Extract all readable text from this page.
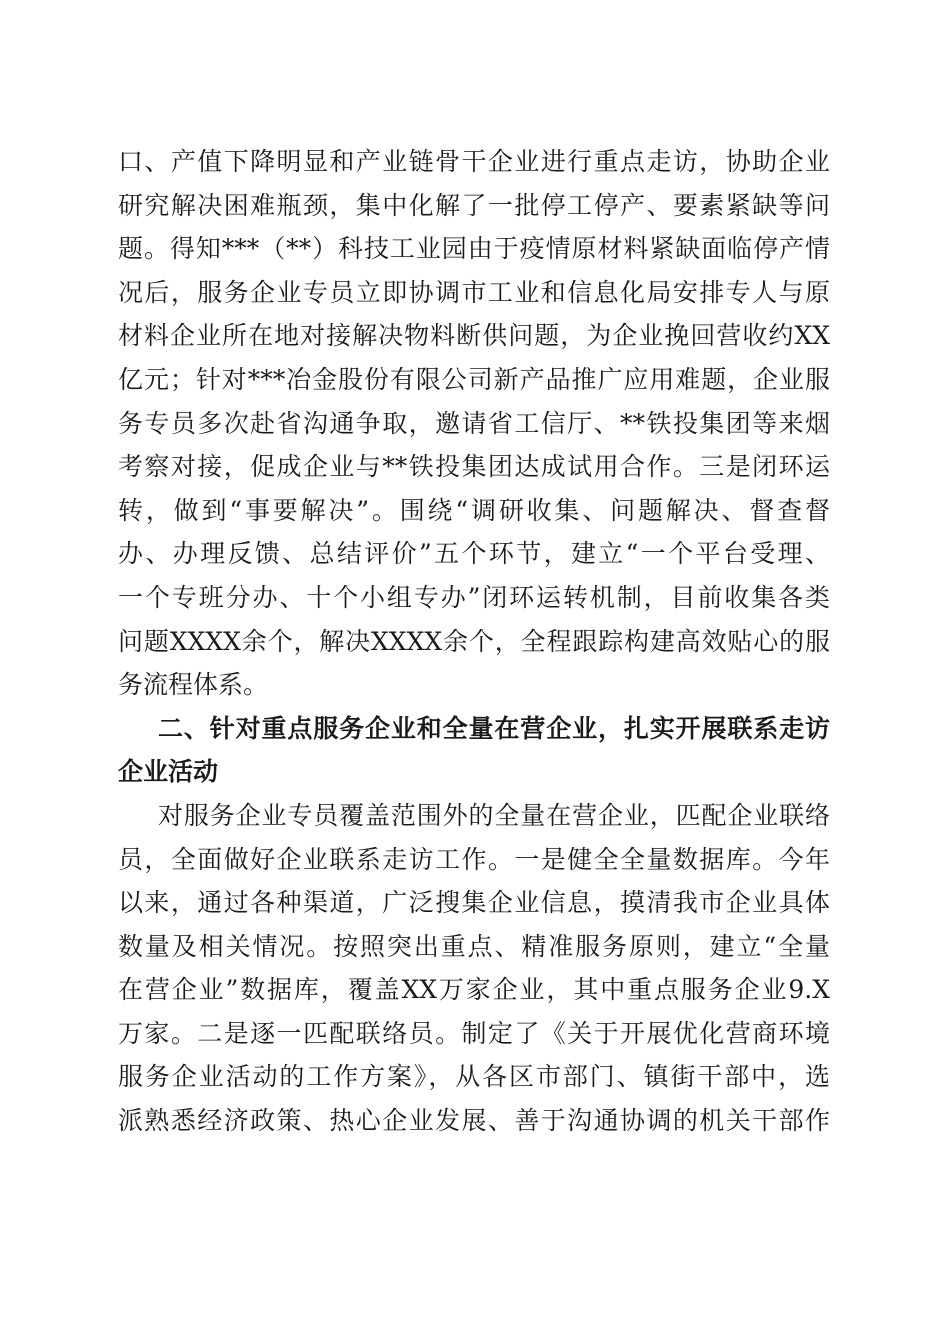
口、产值下降明显和产业链骨干企业进行重点走访，协助企业
研究解决困难瓶颈，集中化解了一批停工停产、要素紧缺等问
题。得知***（**）科技工业园由于疫情原材料紧缺面临停产情
况后，服务企业专员立即协调市工业和信息化局安排专人与原
材料企业所在地对接解决物料断供问题，为企业挽回营收约XX
亿元；针对***冶金股份有限公司新产品推广应用难题，企业服
务专员多次赴省沟通争取，邀请省工信厅、**铁投集团等来烟
考察对接，促成企业与**铁投集团达成试用合作。三是闭环运
转，做到“事要解决”。围绕“调研收集、问题解决、督查督
办、办理反馈、总结评价”五个环节，建立“一个平台受理、
一个专班分办、十个小组专办”闭环运转机制，目前收集各类
问题XXXX余个，解决XXXX余个，全程跟踪构建高效贴心的服
务流程体系。
二、针对重点服务企业和全量在营企业，扎实开展联系走访
企业活动
对服务企业专员覆盖范围外的全量在营企业，匹配企业联络
员，全面做好企业联系走访工作。一是健全全量数据库。今年
以来，通过各种渠道，广泛搜集企业信息，摸清我市企业具体
数量及相关情况。按照突出重点、精准服务原则，建立“全量
在营企业”数据库，覆盖XX万家企业，其中重点服务企业9.X
万家。二是逐一匹配联络员。制定了《关于开展优化营商环境
服务企业活动的工作方案》，从各区市部门、镇街干部中，选
派熟悉经济政策、热心企业发展、善于沟通协调的机关干部作
